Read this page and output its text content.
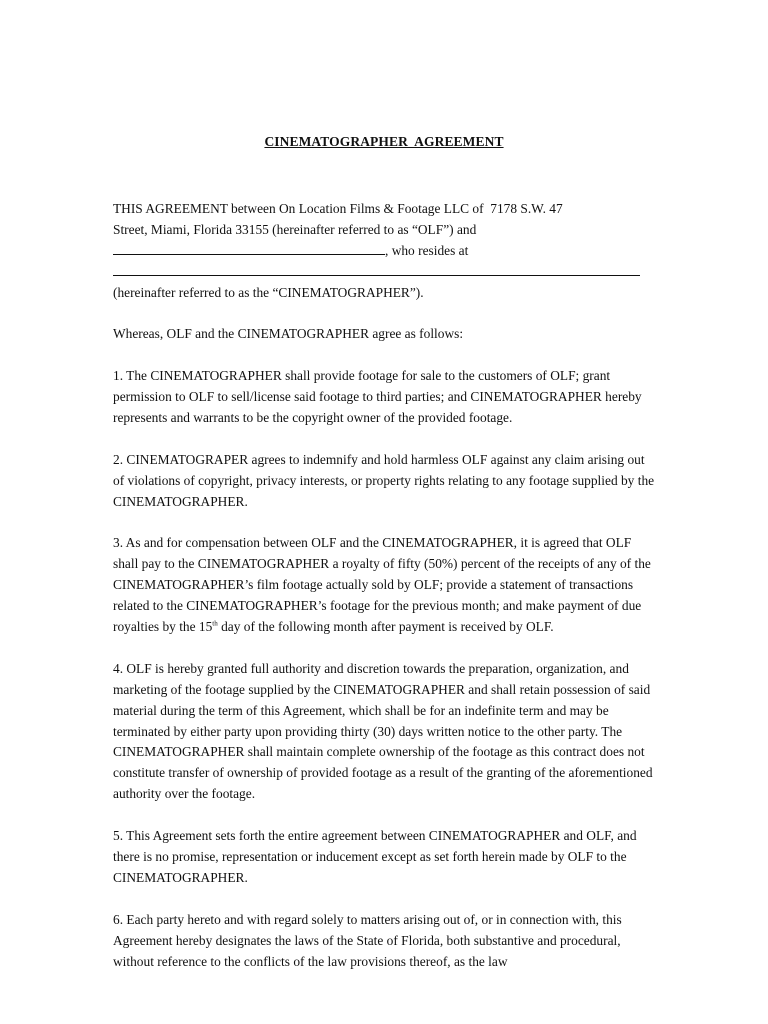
CINEMATOGRAPHER  AGREEMENT

THIS AGREEMENT between On Location Films & Footage LLC of  7178 S.W. 47
Street, Miami, Florida 33155 (hereinafter referred to as “OLF”) and
, who resides at

(hereinafter referred to as the “CINEMATOGRAPHER”).

Whereas, OLF and the CINEMATOGRAPHER agree as follows:

1. The CINEMATOGRAPHER shall provide footage for sale to the customers of OLF; grant permission to OLF to sell/license said footage to third parties; and CINEMATOGRAPHER hereby represents and warrants to be the copyright owner of the provided footage.

2. CINEMATOGRAPER agrees to indemnify and hold harmless OLF against any claim arising out of violations of copyright, privacy interests, or property rights relating to any footage supplied by the CINEMATOGRAPHER.

3. As and for compensation between OLF and the CINEMATOGRAPHER, it is agreed that OLF shall pay to the CINEMATOGRAPHER a royalty of fifty (50%) percent of the receipts of any of the CINEMATOGRAPHER’s film footage actually sold by OLF; provide a statement of transactions related to the CINEMATOGRAPHER’s footage for the previous month; and make payment of due royalties by the 15th day of the following month after payment is received by OLF.

4. OLF is hereby granted full authority and discretion towards the preparation, organization, and marketing of the footage supplied by the CINEMATOGRAPHER and shall retain possession of said material during the term of this Agreement, which shall be for an indefinite term and may be terminated by either party upon providing thirty (30) days written notice to the other party. The CINEMATOGRAPHER shall maintain complete ownership of the footage as this contract does not constitute transfer of ownership of provided footage as a result of the granting of the aforementioned authority over the footage.

5. This Agreement sets forth the entire agreement between CINEMATOGRAPHER and OLF, and there is no promise, representation or inducement except as set forth herein made by OLF to the CINEMATOGRAPHER.

6. Each party hereto and with regard solely to matters arising out of, or in connection with, this Agreement hereby designates the laws of the State of Florida, both substantive and procedural, without reference to the conflicts of the law provisions thereof, as the law
